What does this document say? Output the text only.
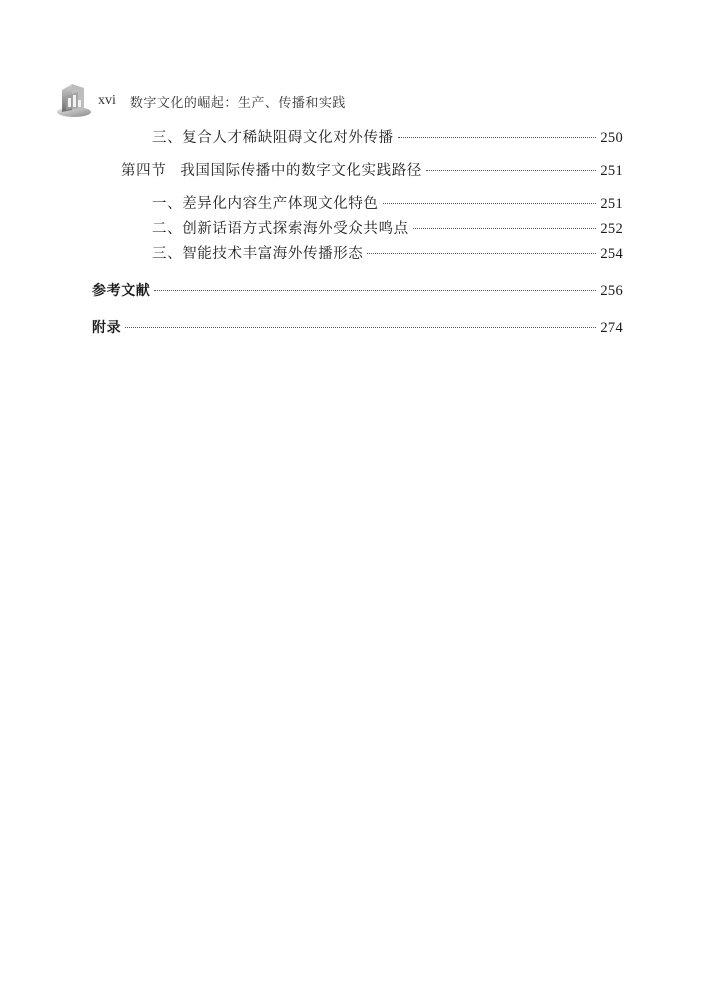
xvi 数字文化的崛起：生产、传播和实践
三、复合人才稀缺阻碍文化对外传播	250
第四节 我国国际传播中的数字文化实践路径	251
一、差异化内容生产体现文化特色	251
二、创新话语方式探索海外受众共鸣点	252
三、智能技术丰富海外传播形态	254
参考文献	256
附录	274
